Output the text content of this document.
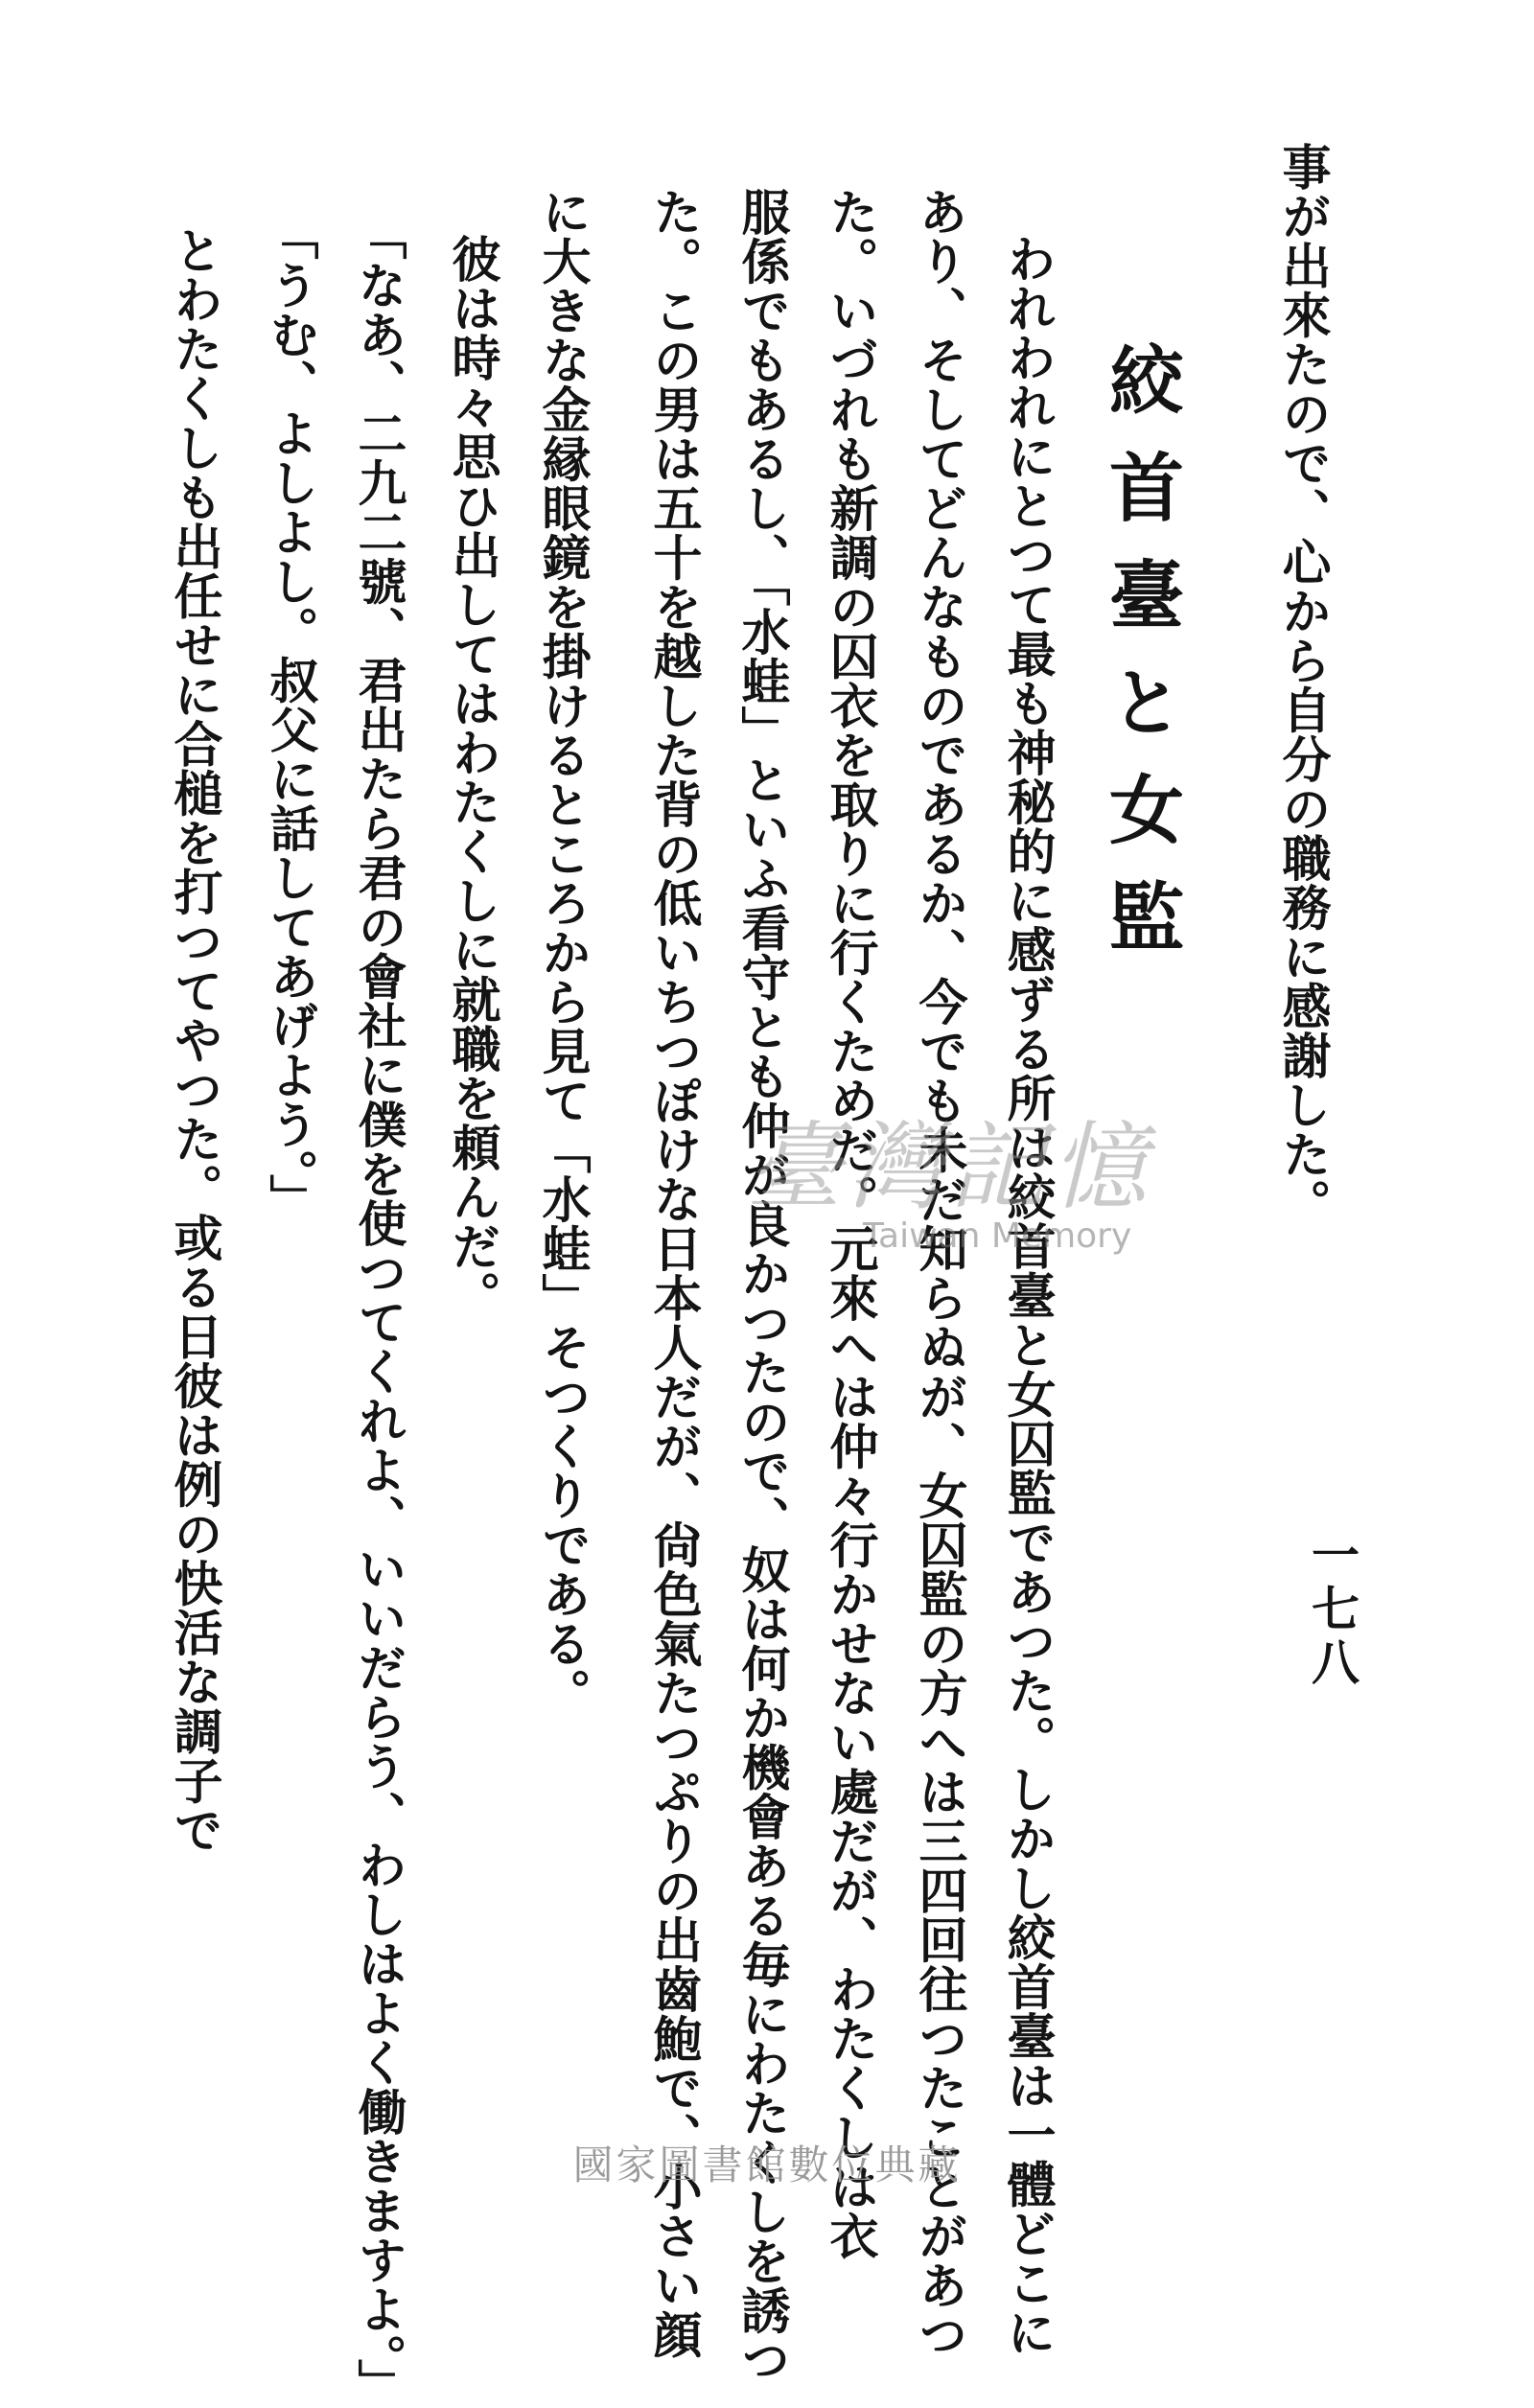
一七八
事が出來たので、心から自分の職務に感謝した。
絞首臺と女監
われわれにとつて最も神秘的に感ずる所は絞首臺と女囚監であつた。しかし絞首臺は一體どこに
あり、そしてどんなものであるか、今でも未だ知らぬが、女囚監の方へは三四回往つたことがあつ
た。いづれも新調の囚衣を取りに行くためだ。元來へは仲々行かせない處だが、わたくしは衣
服係でもあるし、「水蛙」といふ看守とも仲が良かつたので、奴は何か機會ある毎にわたくしを誘つ
た。この男は五十を越した背の低いちつぽけな日本人だが、尙色氣たつぷりの出齒鮑で、小さい顔
に大きな金縁眼鏡を掛けるところから見て「水蛙」そつくりである。
彼は時々思ひ出してはわたくしに就職を頼んだ。
「なあ、二九二號、君出たら君の會社に僕を使つてくれよ、いいだらう、わしはよく働きますよ。」
「うむ、よしよし。叔父に話してあげよう。」
とわたくしも出任せに合槌を打つてやつた。或る日彼は例の快活な調子で	臺灣記憶
Taiwan Memory
國家圖書館數位典藏
